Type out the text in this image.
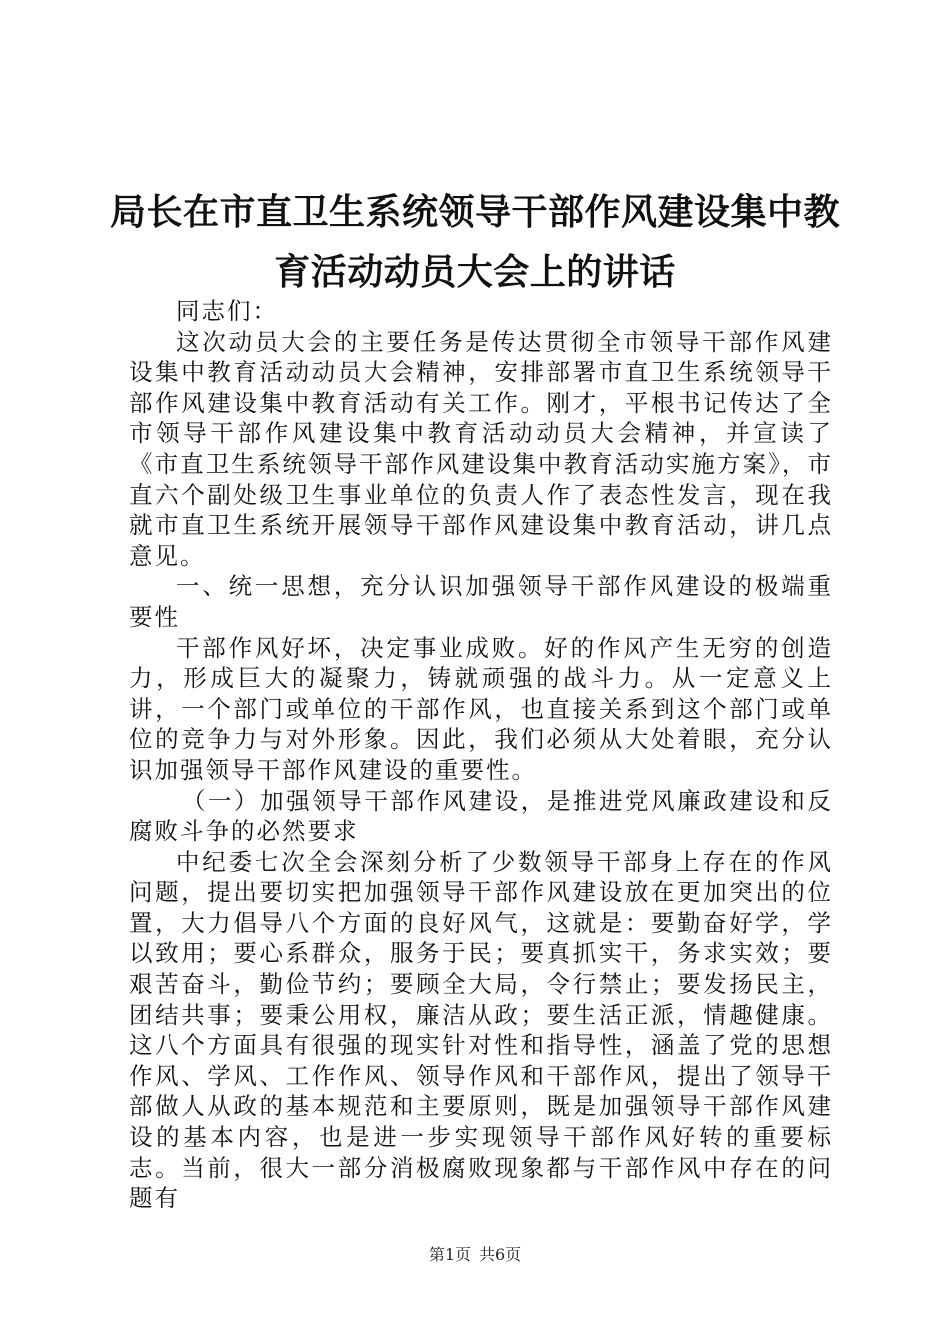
局长在市直卫生系统领导干部作风建设集中教
育活动动员大会上的讲话

同志们：

这次动员大会的主要任务是传达贯彻全市领导干部作风建设集中教育活动动员大会精神，安排部署市直卫生系统领导干部作风建设集中教育活动有关工作。刚才，平根书记传达了全市领导干部作风建设集中教育活动动员大会精神，并宣读了《市直卫生系统领导干部作风建设集中教育活动实施方案》，市直六个副处级卫生事业单位的负责人作了表态性发言，现在我就市直卫生系统开展领导干部作风建设集中教育活动，讲几点意见。

一、统一思想，充分认识加强领导干部作风建设的极端重要性

干部作风好坏，决定事业成败。好的作风产生无穷的创造力，形成巨大的凝聚力，铸就顽强的战斗力。从一定意义上讲，一个部门或单位的干部作风，也直接关系到这个部门或单位的竞争力与对外形象。因此，我们必须从大处着眼，充分认识加强领导干部作风建设的重要性。

（一）加强领导干部作风建设，是推进党风廉政建设和反腐败斗争的必然要求

中纪委七次全会深刻分析了少数领导干部身上存在的作风问题，提出要切实把加强领导干部作风建设放在更加突出的位置，大力倡导八个方面的良好风气，这就是：要勤奋好学，学以致用；要心系群众，服务于民；要真抓实干，务求实效；要艰苦奋斗，勤俭节约；要顾全大局，令行禁止；要发扬民主，团结共事；要秉公用权，廉洁从政；要生活正派，情趣健康。这八个方面具有很强的现实针对性和指导性，涵盖了党的思想作风、学风、工作作风、领导作风和干部作风，提出了领导干部做人从政的基本规范和主要原则，既是加强领导干部作风建设的基本内容，也是进一步实现领导干部作风好转的重要标志。当前，很大一部分消极腐败现象都与干部作风中存在的问题有

第1页 共6页
